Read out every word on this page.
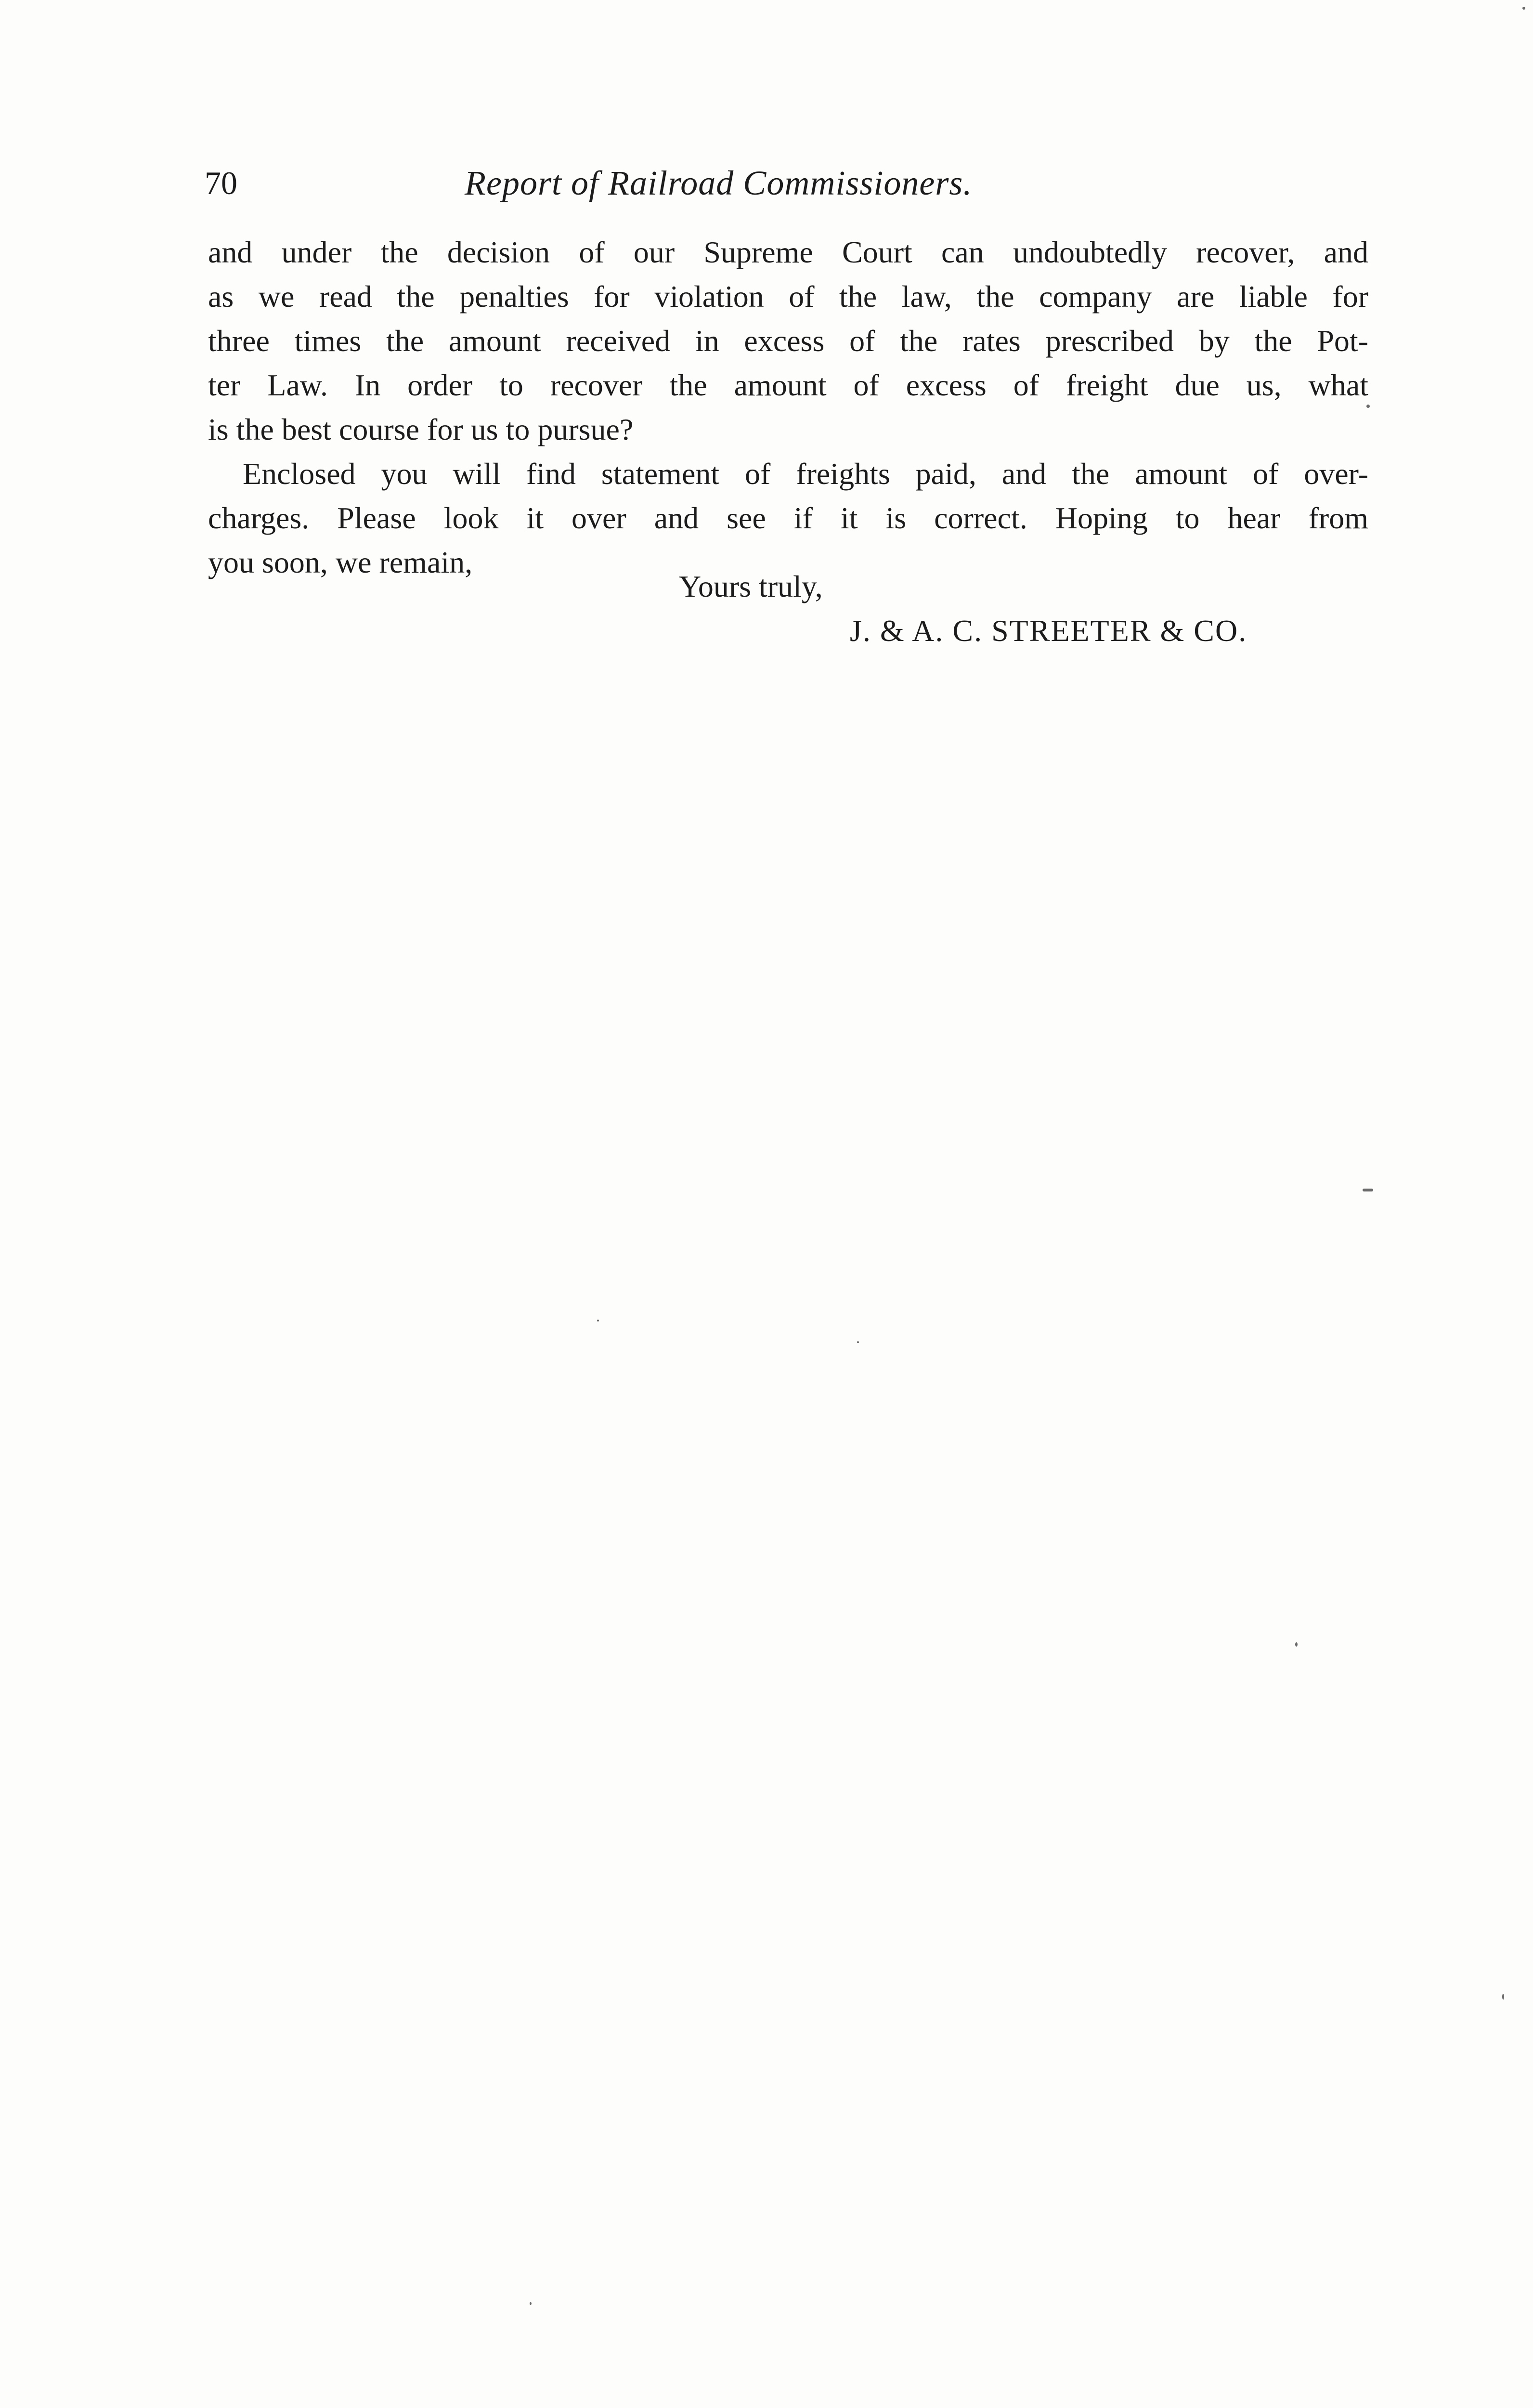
70	Report of Railroad Commissioners.
and under the decision of our Supreme Court can undoubtedly recover, and
as we read the penalties for violation of the law, the company are liable for
three times the amount received in excess of the rates prescribed by the Pot-
ter Law. In order to recover the amount of excess of freight due us, what
is the best course for us to pursue?
Enclosed you will find statement of freights paid, and the amount of over-
charges. Please look it over and see if it is correct. Hoping to hear from
you soon, we remain,
Yours truly,
J. & A. C. STREETER & CO.
